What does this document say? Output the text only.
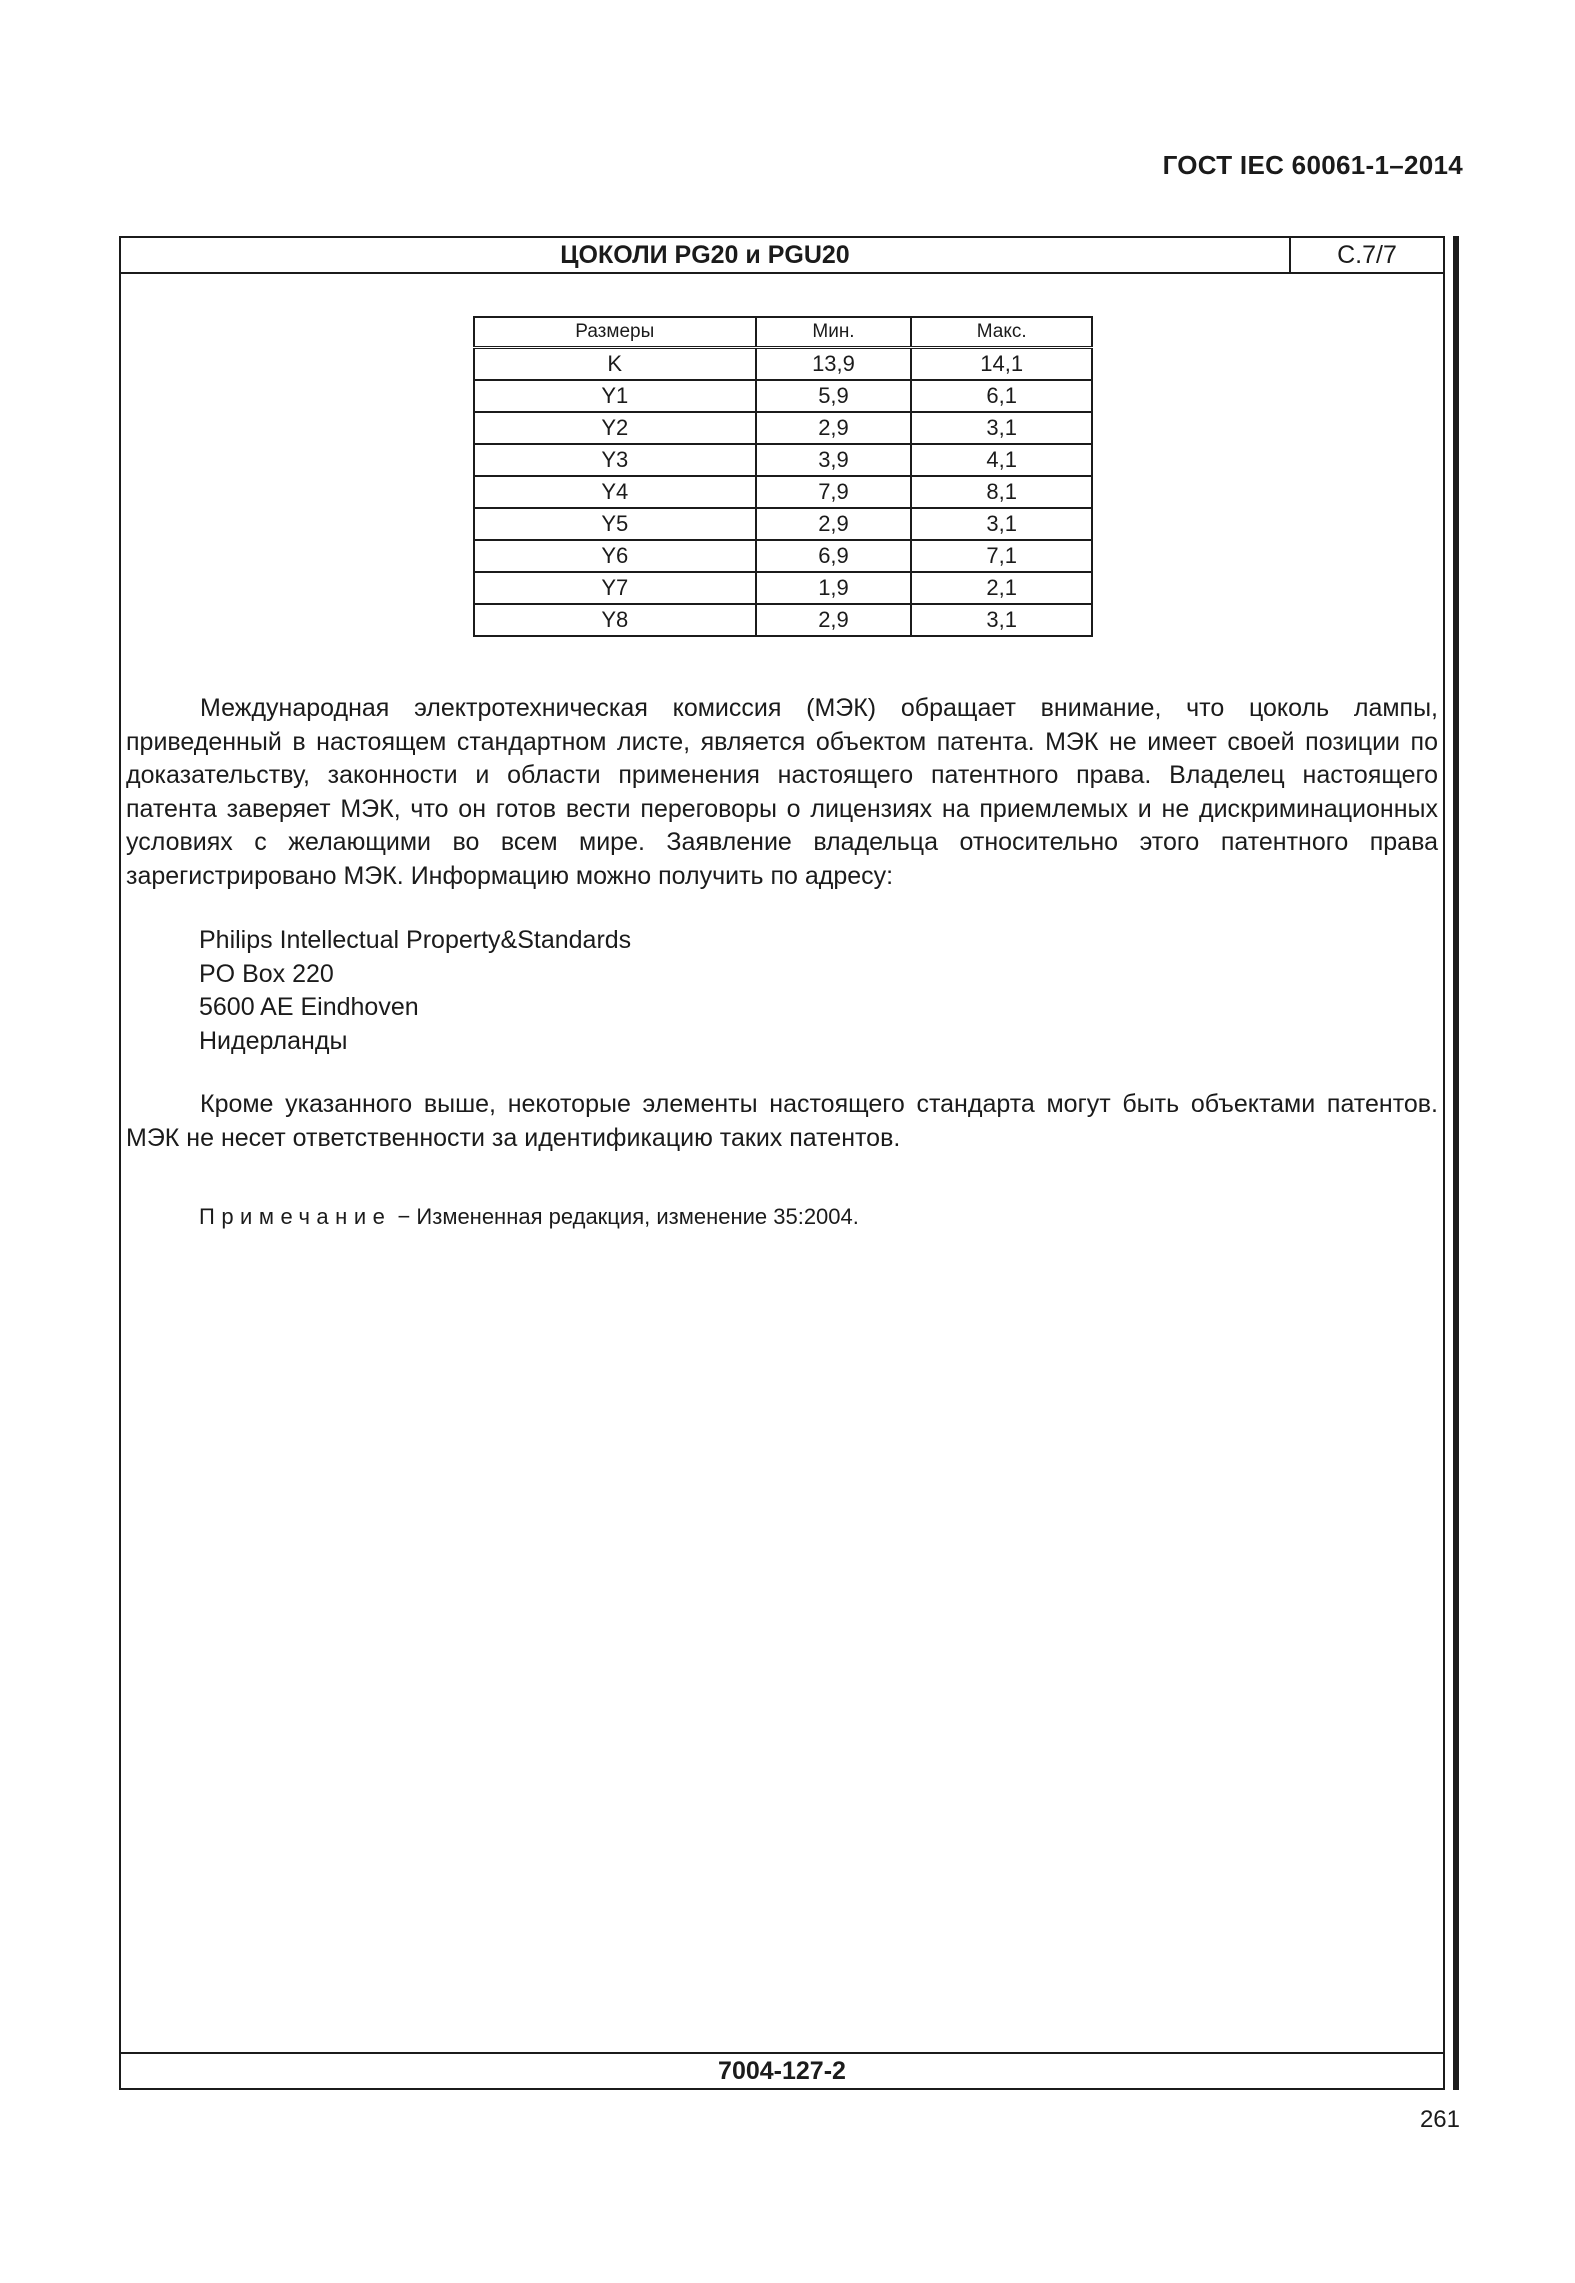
ГОСТ IEC 60061-1–2014
ЦОКОЛИ PG20 и PGU20	С.7/7
Размеры	Мин.	Макс.
K	13,9	14,1
Y1	5,9	6,1
Y2	2,9	3,1
Y3	3,9	4,1
Y4	7,9	8,1
Y5	2,9	3,1
Y6	6,9	7,1
Y7	1,9	2,1
Y8	2,9	3,1

Международная электротехническая комиссия (МЭК) обращает внимание, что цоколь лампы, приведенный в настоящем стандартном листе, является объектом патента. МЭК не имеет своей позиции по доказательству, законности и области применения настоящего патентного права. Владелец настоящего патента заверяет МЭК, что он готов вести переговоры о лицензиях на приемлемых и не дискриминационных условиях с желающими во всем мире. Заявление владельца относительно этого патентного права зарегистрировано МЭК. Информацию можно получить по адресу:

Philips Intellectual Property&Standards
PO Box 220
5600 AE Eindhoven
Нидерланды

Кроме указанного выше, некоторые элементы настоящего стандарта могут быть объектами патентов. МЭК не несет ответственности за идентификацию таких патентов.

Примечание − Измененная редакция, изменение 35:2004.
7004-127-2
261
